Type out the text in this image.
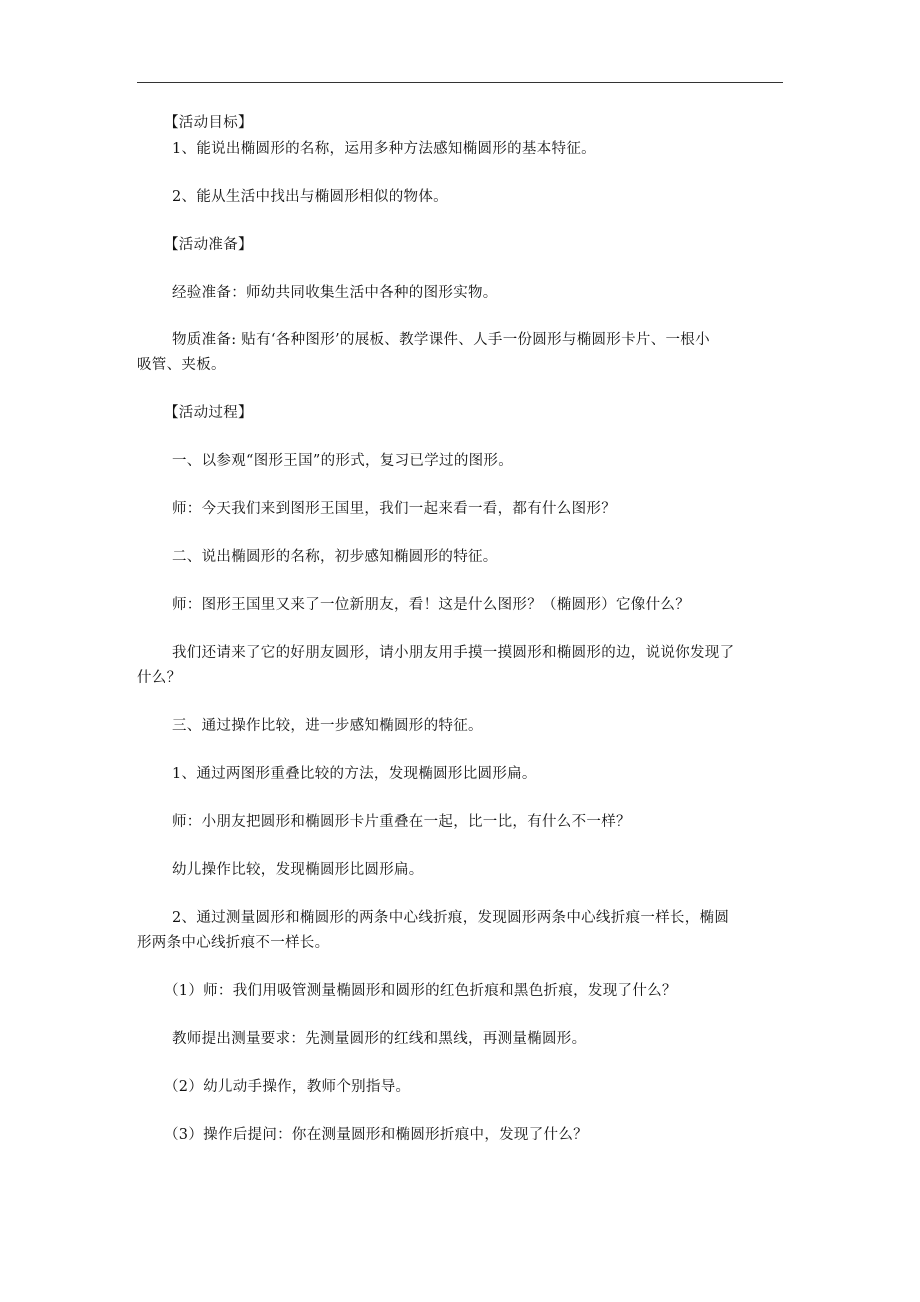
【活动目标】
1、能说出椭圆形的名称，运用多种方法感知椭圆形的基本特征。
2、能从生活中找出与椭圆形相似的物体。
【活动准备】
经验准备：师幼共同收集生活中各种的图形实物。
物质准备: 贴有‘各种图形’的展板、教学课件、人手一份圆形与椭圆形卡片、一根小
吸管、夹板。
【活动过程】
一、以参观“图形王国”的形式，复习已学过的图形。
师：今天我们来到图形王国里，我们一起来看一看，都有什么图形？
二、说出椭圆形的名称，初步感知椭圆形的特征。
师：图形王国里又来了一位新朋友，看！这是什么图形？（椭圆形）它像什么？
我们还请来了它的好朋友圆形，请小朋友用手摸一摸圆形和椭圆形的边，说说你发现了
什么？
三、通过操作比较，进一步感知椭圆形的特征。
1、通过两图形重叠比较的方法，发现椭圆形比圆形扁。
师：小朋友把圆形和椭圆形卡片重叠在一起，比一比，有什么不一样？
幼儿操作比较，发现椭圆形比圆形扁。
2、通过测量圆形和椭圆形的两条中心线折痕，发现圆形两条中心线折痕一样长，椭圆
形两条中心线折痕不一样长。
（1）师：我们用吸管测量椭圆形和圆形的红色折痕和黑色折痕，发现了什么？
教师提出测量要求：先测量圆形的红线和黑线，再测量椭圆形。
（2）幼儿动手操作，教师个别指导。
（3）操作后提问：你在测量圆形和椭圆形折痕中，发现了什么？
